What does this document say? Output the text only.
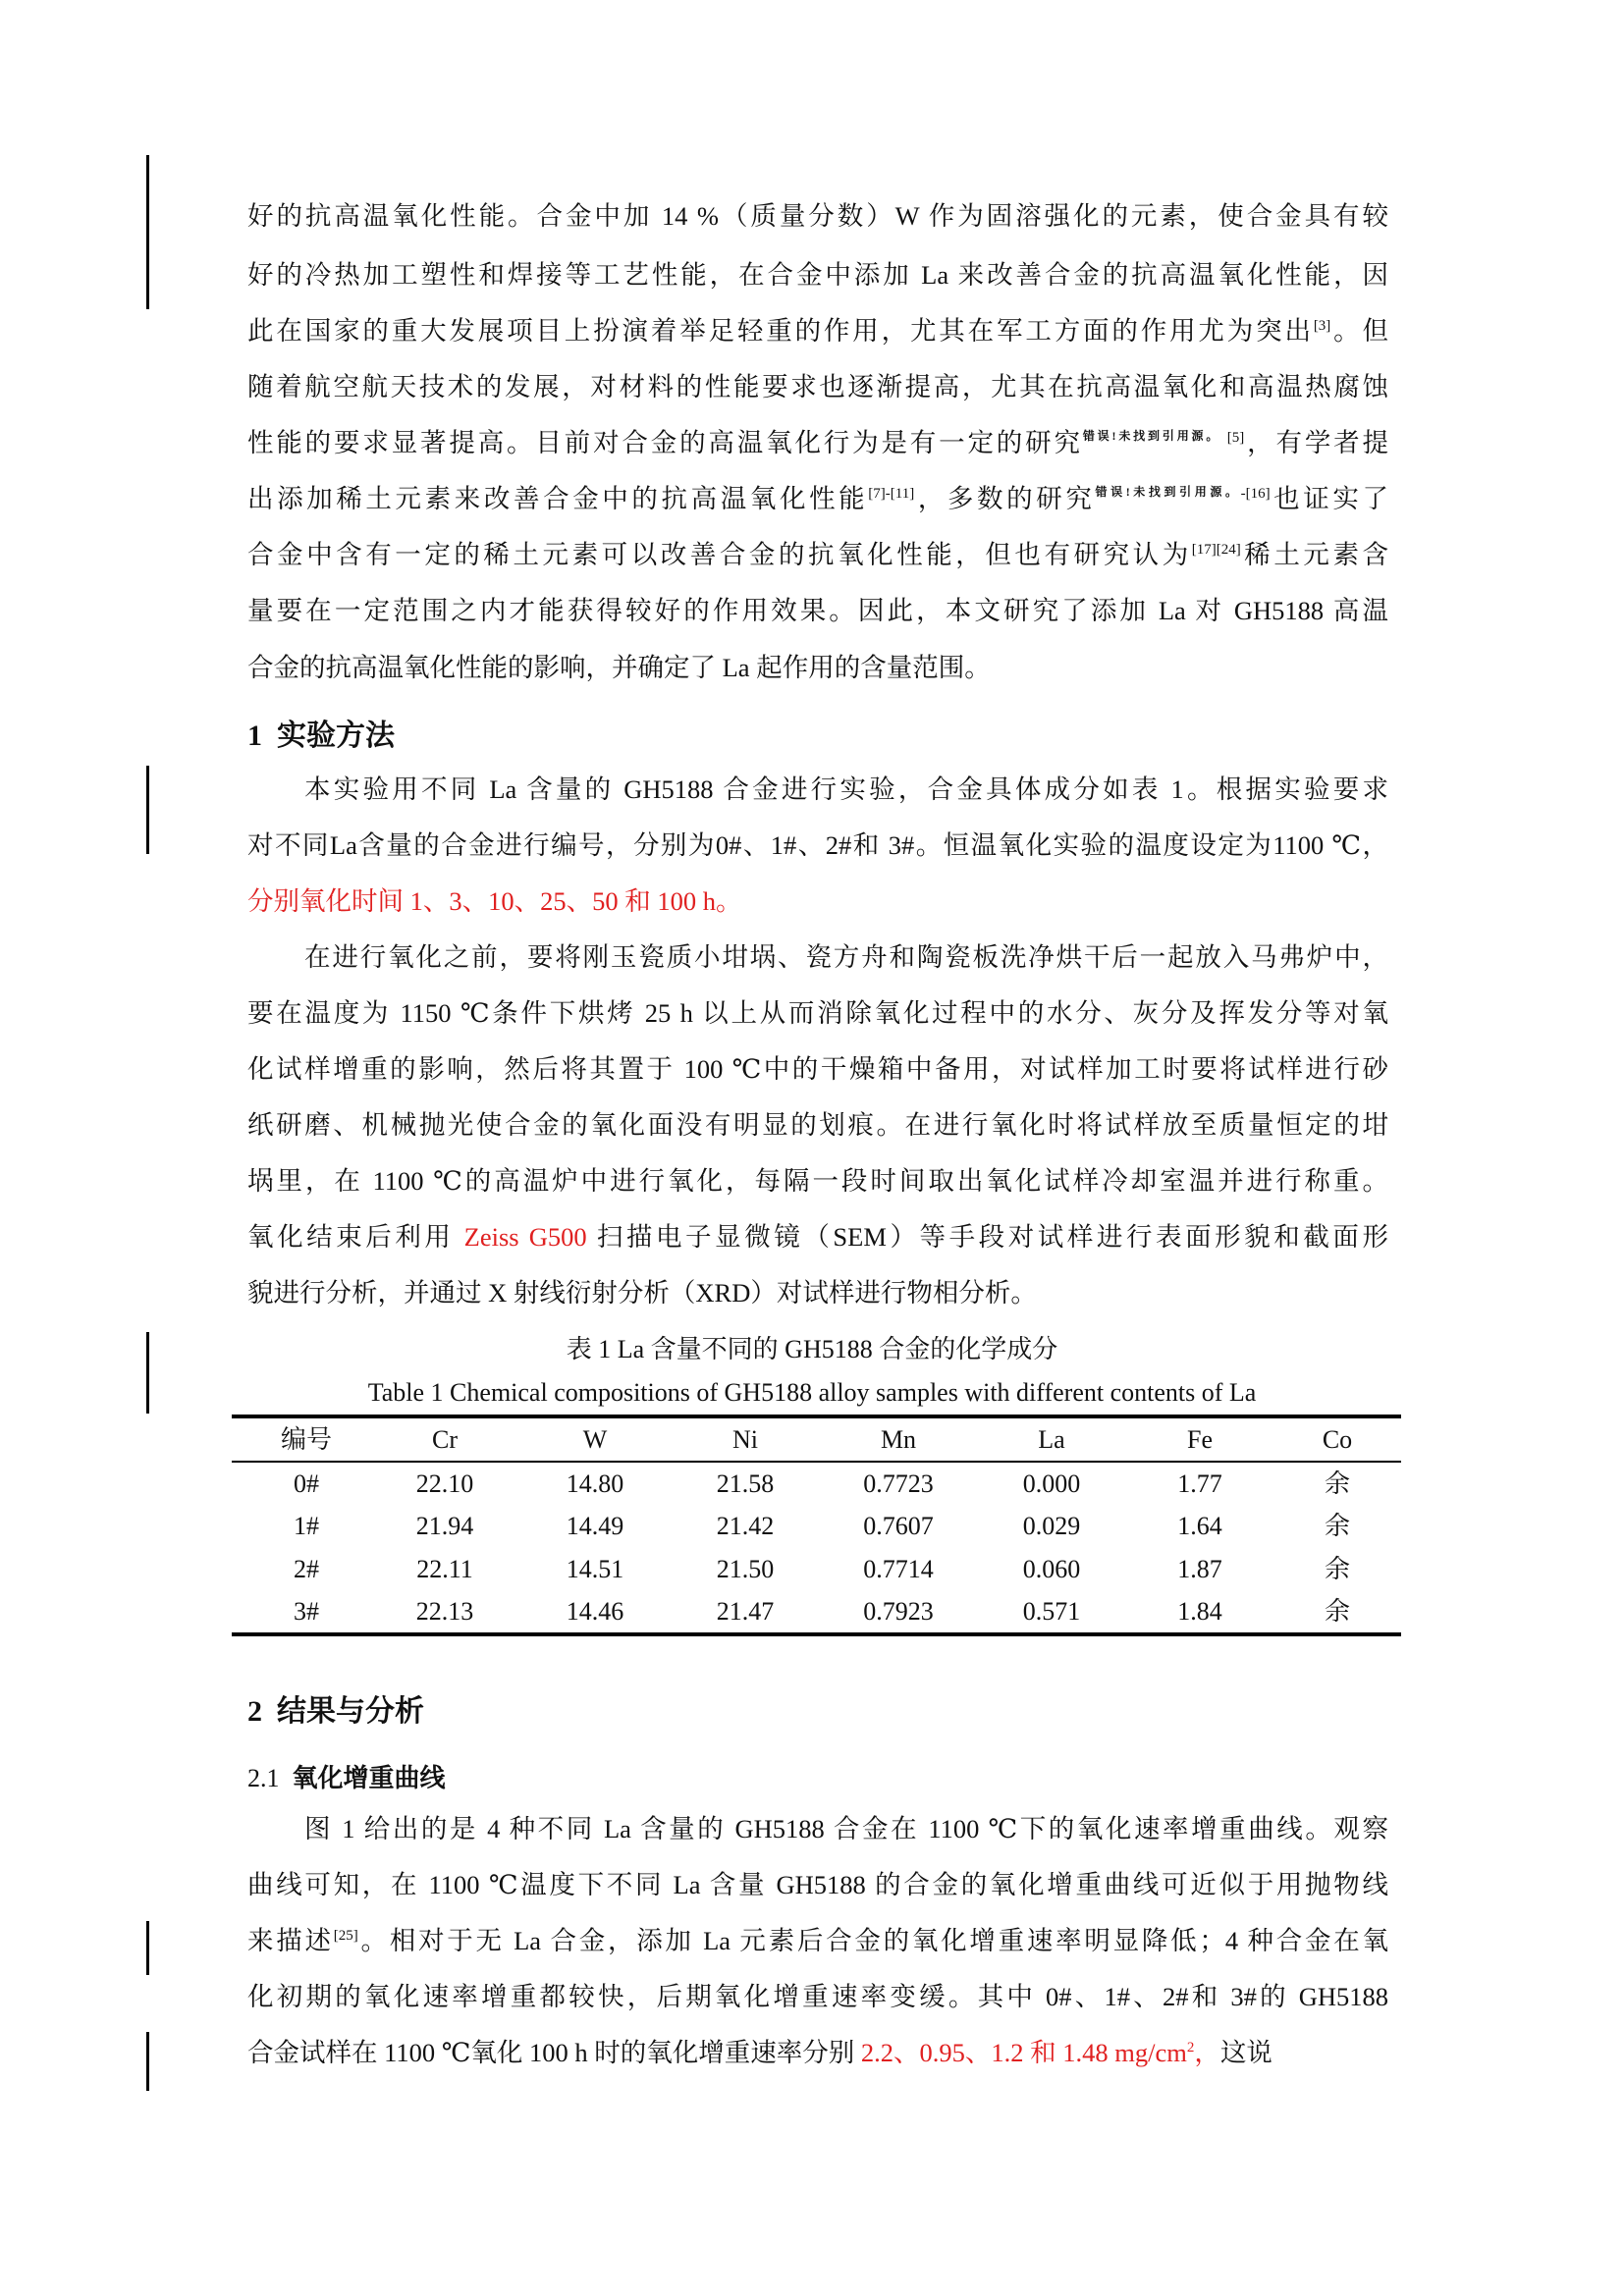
1 实验方法
表 1 La 含量不同的 GH5188 合金的化学成分
Table 1 Chemical compositions of GH5188 alloy samples with different contents of La
编号	Cr	W	Ni	Mn	La	Fe	Co
0#	22.10	14.80	21.58	0.7723	0.000	1.77	余
1#	21.94	14.49	21.42	0.7607	0.029	1.64	余
2#	22.11	14.51	21.50	0.7714	0.060	1.87	余
3#	22.13	14.46	21.47	0.7923	0.571	1.84	余
2 结果与分析
2.1 氧化增重曲线
好的抗高温氧化性能。合金中加 14 %（质量分数）W 作为固溶强化的元素，使合金具有较
好的冷热加工塑性和焊接等工艺性能，在合金中添加 La 来改善合金的抗高温氧化性能，因
此在国家的重大发展项目上扮演着举足轻重的作用，尤其在军工方面的作用尤为突出[3]。但
随着航空航天技术的发展，对材料的性能要求也逐渐提高，尤其在抗高温氧化和高温热腐蚀
性能的要求显著提高。目前对合金的高温氧化行为是有一定的研究$^{错误!未找到引用源。}$ [5]，有学者提
出添加稀土元素来改善合金中的抗高温氧化性能[7]-[11]，多数的研究$^{错误!未找到引用源。-[16]}$也证实了
合金中含有一定的稀土元素可以改善合金的抗氧化性能，但也有研究认为[17][24]稀土元素含
量要在一定范围之内才能获得较好的作用效果。因此，本文研究了添加 La 对 GH5188 高温
合金的抗高温氧化性能的影响，并确定了 La 起作用的含量范围。
本实验用不同 La 含量的 GH5188 合金进行实验，合金具体成分如表 1。根据实验要求
对不同La含量的合金进行编号，分别为0#、1#、2#和 3#。恒温氧化实验的温度设定为1100 ℃，
分别氧化时间 1、3、10、25、50 和 100 h。
在进行氧化之前，要将刚玉瓷质小坩埚、瓷方舟和陶瓷板洗净烘干后一起放入马弗炉中，
要在温度为 1150 ℃条件下烘烤 25 h 以上从而消除氧化过程中的水分、灰分及挥发分等对氧
化试样增重的影响，然后将其置于 100 ℃中的干燥箱中备用，对试样加工时要将试样进行砂
纸研磨、机械抛光使合金的氧化面没有明显的划痕。在进行氧化时将试样放至质量恒定的坩
埚里，在 1100 ℃的高温炉中进行氧化，每隔一段时间取出氧化试样冷却室温并进行称重。
氧化结束后利用 Zeiss G500 扫描电子显微镜（SEM）等手段对试样进行表面形貌和截面形
貌进行分析，并通过 X 射线衍射分析（XRD）对试样进行物相分析。
图 1 给出的是 4 种不同 La 含量的 GH5188 合金在 1100 ℃下的氧化速率增重曲线。观察
曲线可知，在 1100 ℃温度下不同 La 含量 GH5188 的合金的氧化增重曲线可近似于用抛物线
来描述[25]。相对于无 La 合金，添加 La 元素后合金的氧化增重速率明显降低；4 种合金在氧
化初期的氧化速率增重都较快，后期氧化增重速率变缓。其中 0#、1#、2#和 3#的 GH5188
合金试样在 1100 ℃氧化 100 h 时的氧化增重速率分别 2.2、0.95、1.2 和 1.48 $mg/cm^2$，这说
